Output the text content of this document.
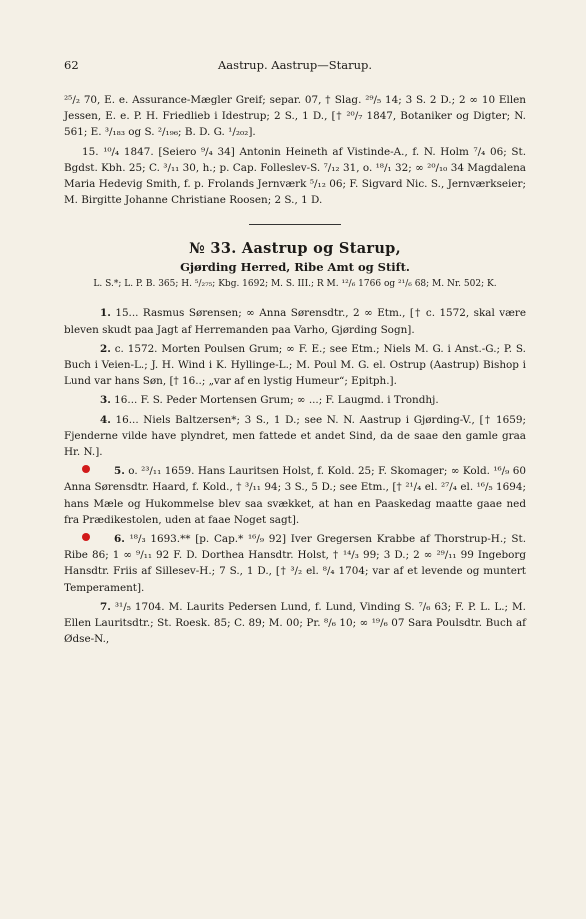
62	Aastrup. Aastrup—Starup.

²⁵/₂ 70, E. e. Assurance-Mægler Greif; separ. 07, † Slag. ²⁹/₅ 14; 3 S. 2 D.; 2 ∞ 10 Ellen Jessen, E. e. P. H. Friedlieb i Idestrup; 2 S., 1 D., [† ²⁰/₇ 1847, Botaniker og Digter; N. 561; E. ³/₁₈₃ og S. ²/₁₉₆; B. D. G. ¹/₂₀₂].

15. ¹⁰/₄ 1847. [Seiero ⁹/₄ 34] Antonin Heineth af Vistinde-A., f. N. Holm ⁷/₄ 06; St. Bgdst. Kbh. 25; C. ³/₁₁ 30, h.; p. Cap. Folleslev-S. ⁷/₁₂ 31, o. ¹⁸/₁ 32; ∞ ²⁰/₁₀ 34 Magdalena Maria Hedevig Smith, f. p. Frolands Jernværk ⁵/₁₂ 06; F. Sigvard Nic. S., Jernværkseier; M. Birgitte Johanne Christiane Roosen; 2 S., 1 D.

№ 33. Aastrup og Starup,
Gjørding Herred, Ribe Amt og Stift.
L. S.*; L. P. B. 365; H. ⁵/₂₇₅; Kbg. 1692; M. S. III.; R M. ¹²/₆ 1766 og ²¹/₆ 68; M. Nr. 502; K.

1. 15... Rasmus Sørensen; ∞ Anna Sørensdtr., 2 ∞ Etm., [† c. 1572, skal være bleven skudt paa Jagt af Herremanden paa Varho, Gjørding Sogn].

2. c. 1572. Morten Poulsen Grum; ∞ F. E.; see Etm.; Niels M. G. i Anst.-G.; P. S. Buch i Veien-L.; J. H. Wind i K. Hyllinge-L.; M. Poul M. G. el. Ostrup (Aastrup) Bishop i Lund var hans Søn, [† 16..; „var af en lystig Humeur“; Epitph.].

3. 16... F. S. Peder Mortensen Grum; ∞ ...; F. Laugmd. i Trondhj.

4. 16... Niels Baltzersen*; 3 S., 1 D.; see N. N. Aastrup i Gjørding-V., [† 1659; Fjenderne vilde have plyndret, men fattede et andet Sind, da de saae den gamle graa Hr. N.].

5. o. ²³/₁₁ 1659. Hans Lauritsen Holst, f. Kold. 25; F. Skomager; ∞ Kold. ¹⁶/₉ 60 Anna Sørensdtr. Haard, f. Kold., † ³/₁₁ 94; 3 S., 5 D.; see Etm., [† ²¹/₄ el. ²⁷/₄ el. ¹⁶/₅ 1694; hans Mæle og Hukommelse blev saa svækket, at han en Paaskedag maatte gaae ned fra Prædikestolen, uden at faae Noget sagt].

6. ¹⁸/₃ 1693.** [p. Cap.* ¹⁶/₉ 92] Iver Gregersen Krabbe af Thorstrup-H.; St. Ribe 86; 1 ∞ ⁹/₁₁ 92 F. D. Dorthea Hansdtr. Holst, † ¹⁴/₃ 99; 3 D.; 2 ∞ ²⁹/₁₁ 99 Ingeborg Hansdtr. Friis af Sillesev-H.; 7 S., 1 D., [† ³/₂ el. ⁸/₄ 1704; var af et levende og muntert Temperament].

7. ³¹/₅ 1704. M. Laurits Pedersen Lund, f. Lund, Vinding S. ⁷/₆ 63; F. P. L. L.; M. Ellen Lauritsdtr.; St. Roesk. 85; C. 89; M. 00; Pr. ⁸/₆ 10; ∞ ¹⁹/₆ 07 Sara Poulsdtr. Buch af Ødse-N.,
